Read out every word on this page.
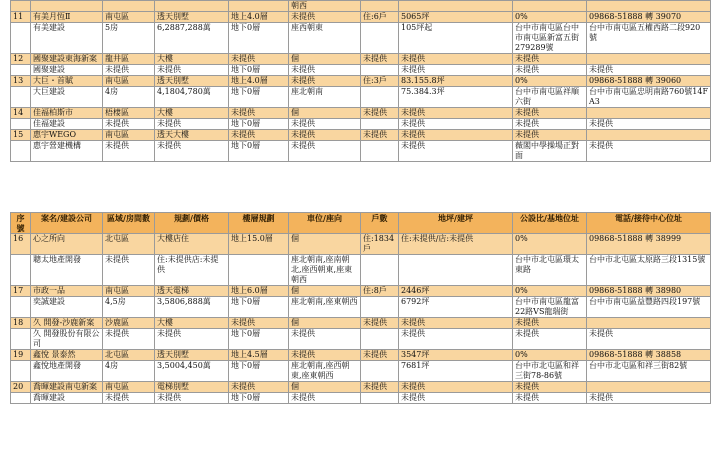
					朝西				
11	有美月恆Ⅱ	南屯區	透天別墅	地上4.0層	未提供	住:6戶	5065坪	0%	09868-51888 轉 39070
	有美建設	5房	6,2887,288萬	地下0層	座西朝東		105坪起	台中市南屯區台中市南屯區新富五街279289號	台中市南屯區五權西路二段920號
12	國聚建設東海新案	龍井區	大樓	未提供	個	未提供	未提供	未提供	
	國聚建設	未提供	未提供	地下0層	未提供		未提供	未提供	未提供
13	大巨・首賦	南屯區	透天別墅	地上4.0層	未提供	住:3戶	83.155.8坪	0%	09868-51888 轉 39060
	大巨建設	4房	4,1804,780萬	地下0層	座北朝南		75.384.3坪	台中市南屯區祥順六街	台中市南屯區忠明南路760號14FA3
14	佳福柏斯市	梧棲區	大樓	未提供	個	未提供	未提供	未提供	
	佳福建設	未提供	未提供	地下0層	未提供		未提供	未提供	未提供
15	惠宇WEGO	南屯區	透天大樓	未提供	未提供	未提供	未提供	未提供	
	惠宇營建機構	未提供	未提供	地下0層	未提供		未提供	薇閣中學操場正對面	未提供
序號	案名/建設公司	區域/房間數	規劃/價格	樓層規劃	車位/座向	戶數	地坪/建坪	公設比/基地位址	電話/接待中心位址
16	心之所向	北屯區	大樓店住	地上15.0層	個	住:1834戶	住:未提供/店:未提供	0%	09868-51888 轉 38999
	聰太地產開發	未提供	住:未提供店:未提供		座北朝南,座南朝北,座西朝東,座東朝西			台中市北屯區環太東路	台中市北屯區太原路三段1315號
17	市政一品	南屯區	透天電梯	地上6.0層	個	住:8戶	2446坪	0%	09868-51888 轉 38980
	奕誠建設	4,5房	3,5806,888萬	地下0層	座北朝南,座東朝西		6792坪	台中市南屯區龍富22路VS龍瑞街	台中市南屯區益豐路四段197號
18	久 開發-沙鹿新案	沙鹿區	大樓	未提供	個	未提供	未提供	未提供	
	久 開發股份有限公司	未提供	未提供	地下0層	未提供		未提供	未提供	未提供
19	鑫悅 景泰然	北屯區	透天別墅	地上4.5層	未提供	未提供	3547坪	0%	09868-51888 轉 38858
	鑫悅地產開發	4房	3,5004,450萬	地下0層	座北朝南,座西朝東,座東朝西		7681坪	台中市北屯區和祥三街78-86號	台中市北屯區和祥三街82號
20	喬暉建設南屯新案	南屯區	電梯別墅	未提供	個	未提供	未提供	未提供	
	喬暉建設	未提供	未提供	地下0層	未提供		未提供	未提供	未提供
